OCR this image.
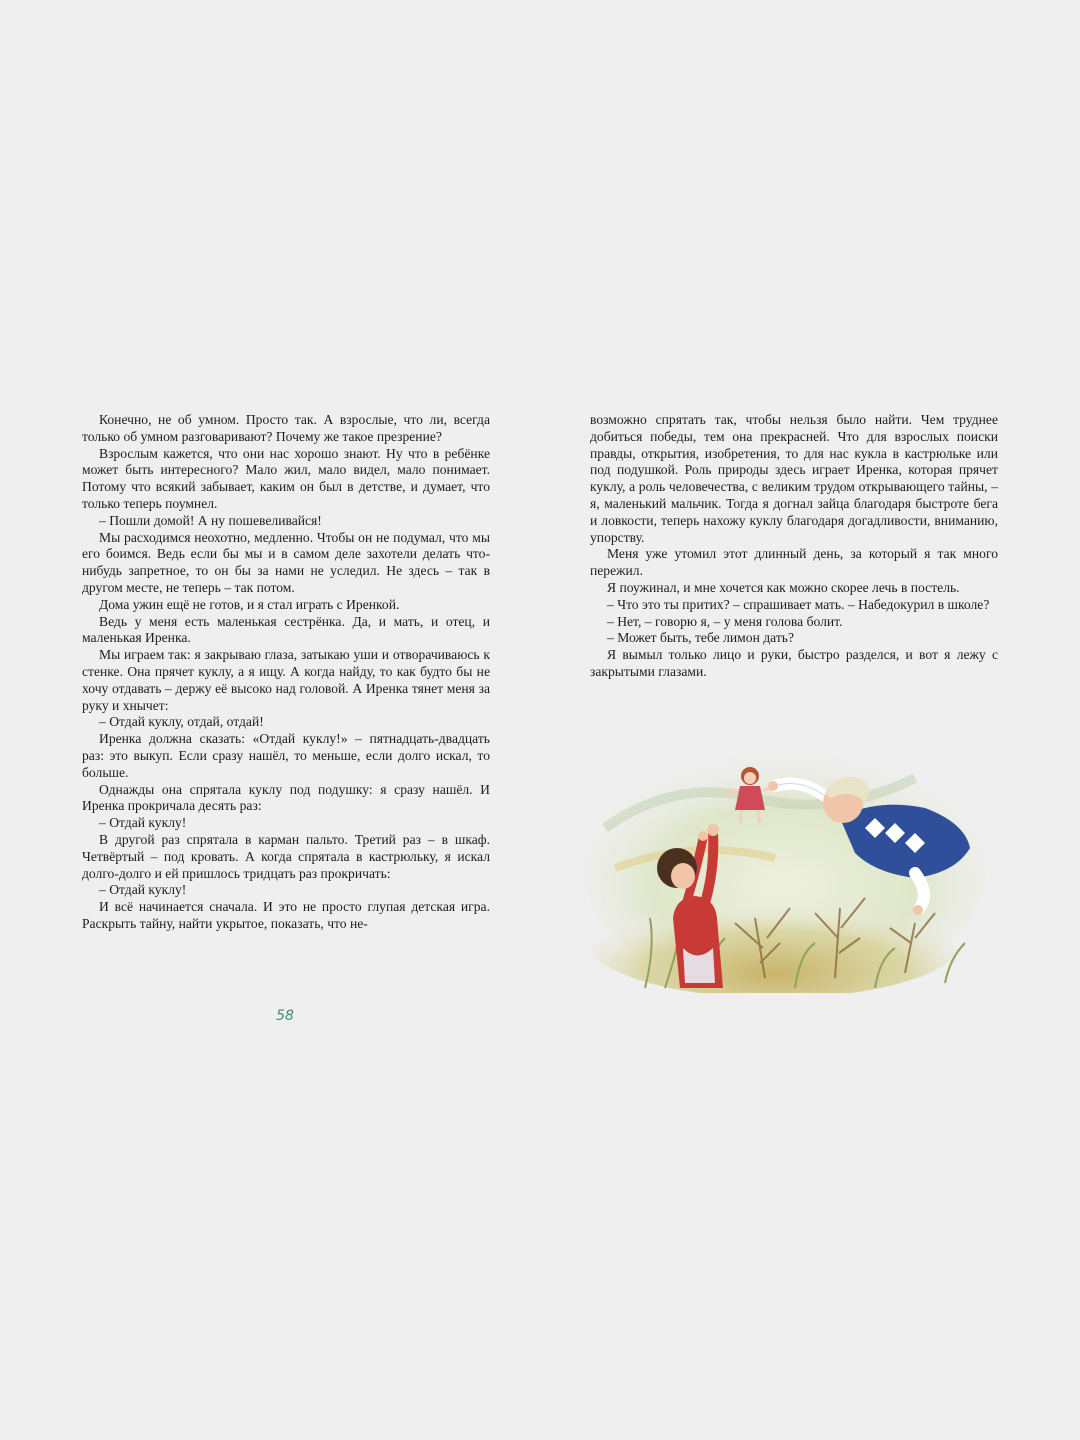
Конечно, не об умном. Просто так. А взрослые, что ли, всегда только об умном разговаривают? Почему же такое презрение?

Взрослым кажется, что они нас хорошо знают. Ну что в ребёнке может быть интересного? Мало жил, мало видел, мало понимает. Потому что всякий забывает, каким он был в детстве, и думает, что только теперь поумнел.

– Пошли домой! А ну пошевеливайся!

Мы расходимся неохотно, медленно. Чтобы он не подумал, что мы его боимся. Ведь если бы мы и в самом деле захотели делать что-нибудь запретное, то он бы за нами не уследил. Не здесь – так в другом месте, не теперь – так потом.

Дома ужин ещё не готов, и я стал играть с Иренкой.

Ведь у меня есть маленькая сестрёнка. Да, и мать, и отец, и маленькая Иренка.

Мы играем так: я закрываю глаза, затыкаю уши и отворачиваюсь к стенке. Она прячет куклу, а я ищу. А когда найду, то как будто бы не хочу отдавать – держу её высоко над головой. А Иренка тянет меня за руку и хнычет:

– Отдай куклу, отдай, отдай!

Иренка должна сказать: «Отдай куклу!» – пятнадцать-двадцать раз: это выкуп. Если сразу нашёл, то меньше, если долго искал, то больше.

Однажды она спрятала куклу под подушку: я сразу нашёл. И Иренка прокричала десять раз:

– Отдай куклу!

В другой раз спрятала в карман пальто. Третий раз – в шкаф. Четвёртый – под кровать. А когда спрятала в кастрюльку, я искал долго-долго и ей пришлось тридцать раз прокричать:

– Отдай куклу!

И всё начинается сначала. И это не просто глупая детская игра. Раскрыть тайну, найти укрытое, показать, что не-

58

возможно спрятать так, чтобы нельзя было найти. Чем труднее добиться победы, тем она прекрасней. Что для взрослых поиски правды, открытия, изобретения, то для нас кукла в кастрюльке или под подушкой. Роль природы здесь играет Иренка, которая прячет куклу, а роль человечества, с великим трудом открывающего тайны, – я, маленький мальчик. Тогда я догнал зайца благодаря быстроте бега и ловкости, теперь нахожу куклу благодаря догадливости, вниманию, упорству.

Меня уже утомил этот длинный день, за который я так много пережил.

Я поужинал, и мне хочется как можно скорее лечь в постель.

– Что это ты притих? – спрашивает мать. – Набедокурил в школе?

– Нет, – говорю я, – у меня голова болит.

– Может быть, тебе лимон дать?

Я вымыл только лицо и руки, быстро разделся, и вот я лежу с закрытыми глазами.
